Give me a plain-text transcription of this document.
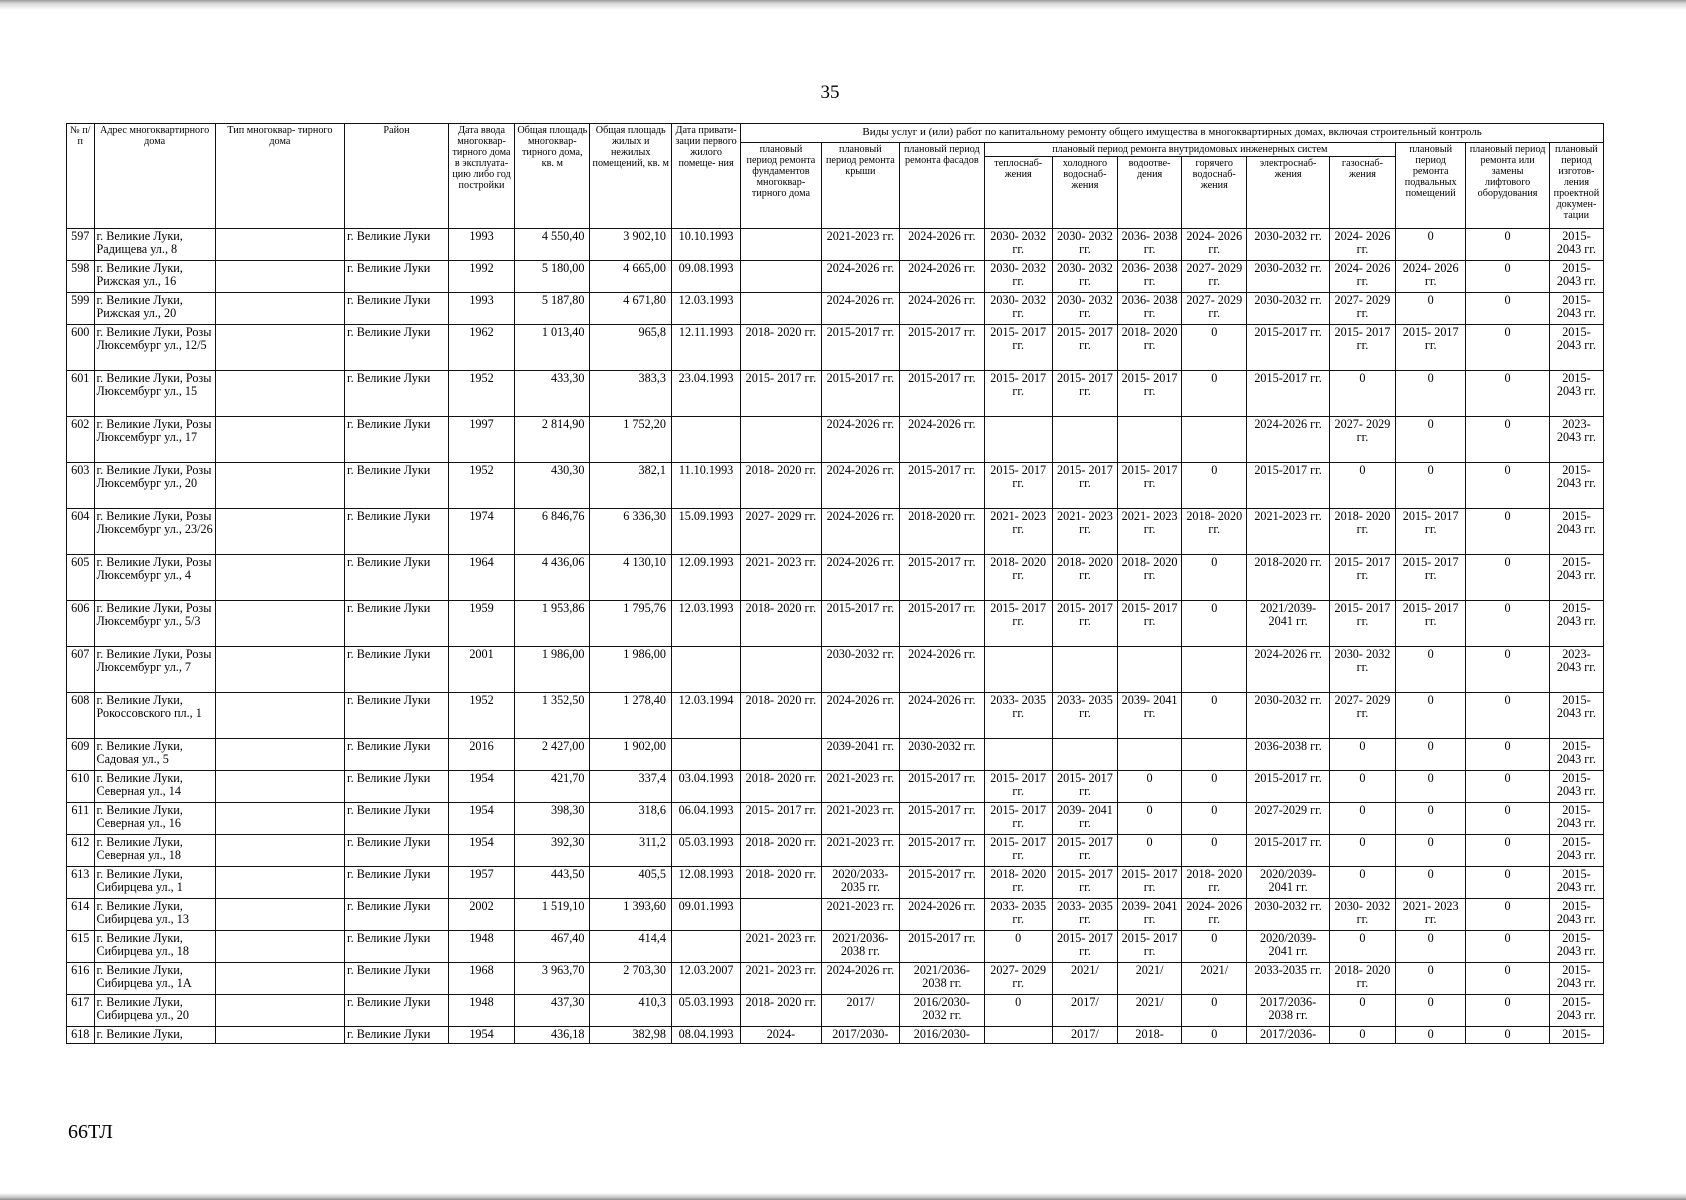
35
№ п/п	Адрес многоквартирного дома	Тип многоквар- тирного дома	Район	Дата ввода многоквар- тирного дома в эксплуата- цию либо год постройки	Общая площадь многоквар- тирного дома, кв. м	Общая площадь жилых и нежилых помещений, кв. м	Дата привати- зации первого жилого помеще- ния	Виды услуг и (или) работ по капитальному ремонту общего имущества в многоквартирных домах, включая строительный контроль											
								плановый период ремонта фундаментов многоквар- тирного дома	плановый период ремонта крыши	плановый период ремонта фасадов	плановый период ремонта внутридомовых инженерных систем						плановый период ремонта подвальных помещений	плановый период ремонта или замены лифтового оборудования	плановый период изготов- ления проектной докумен- тации
											теплоснаб- жения	холодного водоснаб- жения	водоотве- дения	горячего водоснаб- жения	электроснаб- жения	газоснаб- жения			
597	г. Великие Луки, Радищева ул., 8		г. Великие Луки	1993	4 550,40	3 902,10	10.10.1993		2021-2023 гг.	2024-2026 гг.	2030- 2032 гг.	2030- 2032 гг.	2036- 2038 гг.	2024- 2026 гг.	2030-2032 гг.	2024- 2026 гг.	0	0	2015- 2043 гг.
598	г. Великие Луки, Рижская ул., 16		г. Великие Луки	1992	5 180,00	4 665,00	09.08.1993		2024-2026 гг.	2024-2026 гг.	2030- 2032 гг.	2030- 2032 гг.	2036- 2038 гг.	2027- 2029 гг.	2030-2032 гг.	2024- 2026 гг.	2024- 2026 гг.	0	2015- 2043 гг.
599	г. Великие Луки, Рижская ул., 20		г. Великие Луки	1993	5 187,80	4 671,80	12.03.1993		2024-2026 гг.	2024-2026 гг.	2030- 2032 гг.	2030- 2032 гг.	2036- 2038 гг.	2027- 2029 гг.	2030-2032 гг.	2027- 2029 гг.	0	0	2015- 2043 гг.
600	г. Великие Луки, Розы Люксембург ул., 12/5		г. Великие Луки	1962	1 013,40	965,8	12.11.1993	2018- 2020 гг.	2015-2017 гг.	2015-2017 гг.	2015- 2017 гг.	2015- 2017 гг.	2018- 2020 гг.	0	2015-2017 гг.	2015- 2017 гг.	2015- 2017 гг.	0	2015- 2043 гг.
601	г. Великие Луки, Розы Люксембург ул., 15		г. Великие Луки	1952	433,30	383,3	23.04.1993	2015- 2017 гг.	2015-2017 гг.	2015-2017 гг.	2015- 2017 гг.	2015- 2017 гг.	2015- 2017 гг.	0	2015-2017 гг.	0	0	0	2015- 2043 гг.
602	г. Великие Луки, Розы Люксембург ул., 17		г. Великие Луки	1997	2 814,90	1 752,20			2024-2026 гг.	2024-2026 гг.					2024-2026 гг.	2027- 2029 гг.	0	0	2023- 2043 гг.
603	г. Великие Луки, Розы Люксембург ул., 20		г. Великие Луки	1952	430,30	382,1	11.10.1993	2018- 2020 гг.	2024-2026 гг.	2015-2017 гг.	2015- 2017 гг.	2015- 2017 гг.	2015- 2017 гг.	0	2015-2017 гг.	0	0	0	2015- 2043 гг.
604	г. Великие Луки, Розы Люксембург ул., 23/26		г. Великие Луки	1974	6 846,76	6 336,30	15.09.1993	2027- 2029 гг.	2024-2026 гг.	2018-2020 гг.	2021- 2023 гг.	2021- 2023 гг.	2021- 2023 гг.	2018- 2020 гг.	2021-2023 гг.	2018- 2020 гг.	2015- 2017 гг.	0	2015- 2043 гг.
605	г. Великие Луки, Розы Люксембург ул., 4		г. Великие Луки	1964	4 436,06	4 130,10	12.09.1993	2021- 2023 гг.	2024-2026 гг.	2015-2017 гг.	2018- 2020 гг.	2018- 2020 гг.	2018- 2020 гг.	0	2018-2020 гг.	2015- 2017 гг.	2015- 2017 гг.	0	2015- 2043 гг.
606	г. Великие Луки, Розы Люксембург ул., 5/3		г. Великие Луки	1959	1 953,86	1 795,76	12.03.1993	2018- 2020 гг.	2015-2017 гг.	2015-2017 гг.	2015- 2017 гг.	2015- 2017 гг.	2015- 2017 гг.	0	2021/2039- 2041 гг.	2015- 2017 гг.	2015- 2017 гг.	0	2015- 2043 гг.
607	г. Великие Луки, Розы Люксембург ул., 7		г. Великие Луки	2001	1 986,00	1 986,00			2030-2032 гг.	2024-2026 гг.					2024-2026 гг.	2030- 2032 гг.	0	0	2023- 2043 гг.
608	г. Великие Луки, Рокоссовского пл., 1		г. Великие Луки	1952	1 352,50	1 278,40	12.03.1994	2018- 2020 гг.	2024-2026 гг.	2024-2026 гг.	2033- 2035 гг.	2033- 2035 гг.	2039- 2041 гг.	0	2030-2032 гг.	2027- 2029 гг.	0	0	2015- 2043 гг.
609	г. Великие Луки, Садовая ул., 5		г. Великие Луки	2016	2 427,00	1 902,00			2039-2041 гг.	2030-2032 гг.					2036-2038 гг.	0	0	0	2015- 2043 гг.
610	г. Великие Луки, Северная ул., 14		г. Великие Луки	1954	421,70	337,4	03.04.1993	2018- 2020 гг.	2021-2023 гг.	2015-2017 гг.	2015- 2017 гг.	2015- 2017 гг.	0	0	2015-2017 гг.	0	0	0	2015- 2043 гг.
611	г. Великие Луки, Северная ул., 16		г. Великие Луки	1954	398,30	318,6	06.04.1993	2015- 2017 гг.	2021-2023 гг.	2015-2017 гг.	2015- 2017 гг.	2039- 2041 гг.	0	0	2027-2029 гг.	0	0	0	2015- 2043 гг.
612	г. Великие Луки, Северная ул., 18		г. Великие Луки	1954	392,30	311,2	05.03.1993	2018- 2020 гг.	2021-2023 гг.	2015-2017 гг.	2015- 2017 гг.	2015- 2017 гг.	0	0	2015-2017 гг.	0	0	0	2015- 2043 гг.
613	г. Великие Луки, Сибирцева ул., 1		г. Великие Луки	1957	443,50	405,5	12.08.1993	2018- 2020 гг.	2020/2033- 2035 гг.	2015-2017 гг.	2018- 2020 гг.	2015- 2017 гг.	2015- 2017 гг.	2018- 2020 гг.	2020/2039- 2041 гг.	0	0	0	2015- 2043 гг.
614	г. Великие Луки, Сибирцева ул., 13		г. Великие Луки	2002	1 519,10	1 393,60	09.01.1993		2021-2023 гг.	2024-2026 гг.	2033- 2035 гг.	2033- 2035 гг.	2039- 2041 гг.	2024- 2026 гг.	2030-2032 гг.	2030- 2032 гг.	2021- 2023 гг.	0	2015- 2043 гг.
615	г. Великие Луки, Сибирцева ул., 18		г. Великие Луки	1948	467,40	414,4		2021- 2023 гг.	2021/2036- 2038 гг.	2015-2017 гг.	0	2015- 2017 гг.	2015- 2017 гг.	0	2020/2039- 2041 гг.	0	0	0	2015- 2043 гг.
616	г. Великие Луки, Сибирцева ул., 1А		г. Великие Луки	1968	3 963,70	2 703,30	12.03.2007	2021- 2023 гг.	2024-2026 гг.	2021/2036- 2038 гг.	2027- 2029 гг.	2021/	2021/	2021/	2033-2035 гг.	2018- 2020 гг.	0	0	2015- 2043 гг.
617	г. Великие Луки, Сибирцева ул., 20		г. Великие Луки	1948	437,30	410,3	05.03.1993	2018- 2020 гг.	2017/	2016/2030- 2032 гг.	0	2017/	2021/	0	2017/2036- 2038 гг.	0	0	0	2015- 2043 гг.
618	г. Великие Луки,		г. Великие Луки	1954	436,18	382,98	08.04.1993	2024-	2017/2030-	2016/2030-		2017/	2018-	0	2017/2036-	0	0	0	2015-
66ТЛ
